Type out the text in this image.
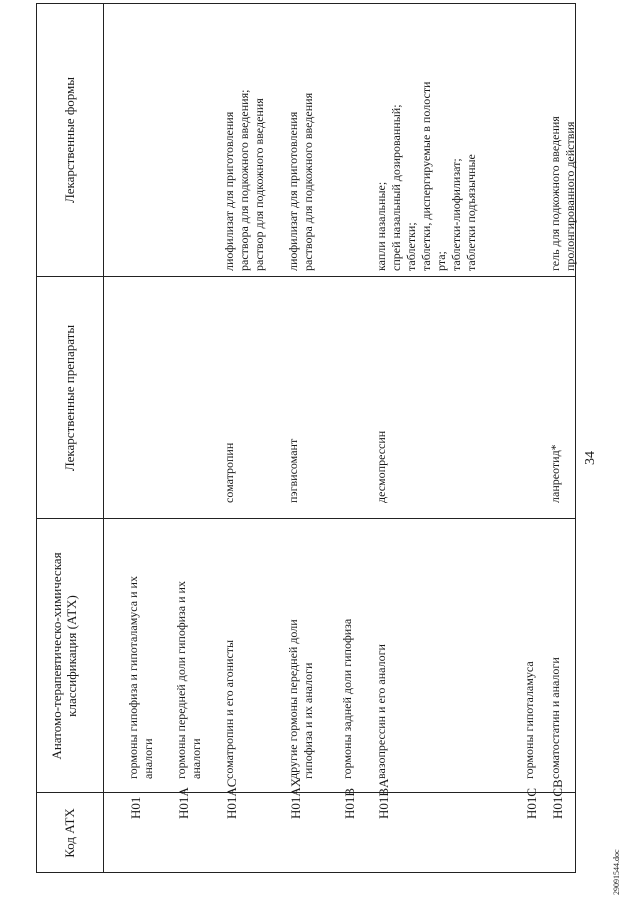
34
29091544.doc
Код АТХ
Анатомо-терапевтическо-химическая
классификация (АТХ)
Лекарственные препараты
Лекарственные формы
H01
гормоны гипофиза и гипоталамуса и их
аналоги
H01A
гормоны передней доли гипофиза и их
аналоги
H01AC
соматропин и его агонисты
соматропин
лиофилизат для приготовления
раствора для подкожного введения;
раствор для подкожного введения
H01AX
другие гормоны передней доли
гипофиза и их аналоги
пэгвисомант
лиофилизат для приготовления
раствора для подкожного введения
H01B
гормоны задней доли гипофиза
H01BA
вазопрессин и его аналоги
десмопрессин
капли назальные;
спрей назальный дозированный;
таблетки;
таблетки, диспергируемые в полости
рта;
таблетки-лиофилизат;
таблетки подъязычные
H01C
гормоны гипоталамуса
H01CB
соматостатин и аналоги
ланреотид*
гель для подкожного введения
пролонгированного действия
